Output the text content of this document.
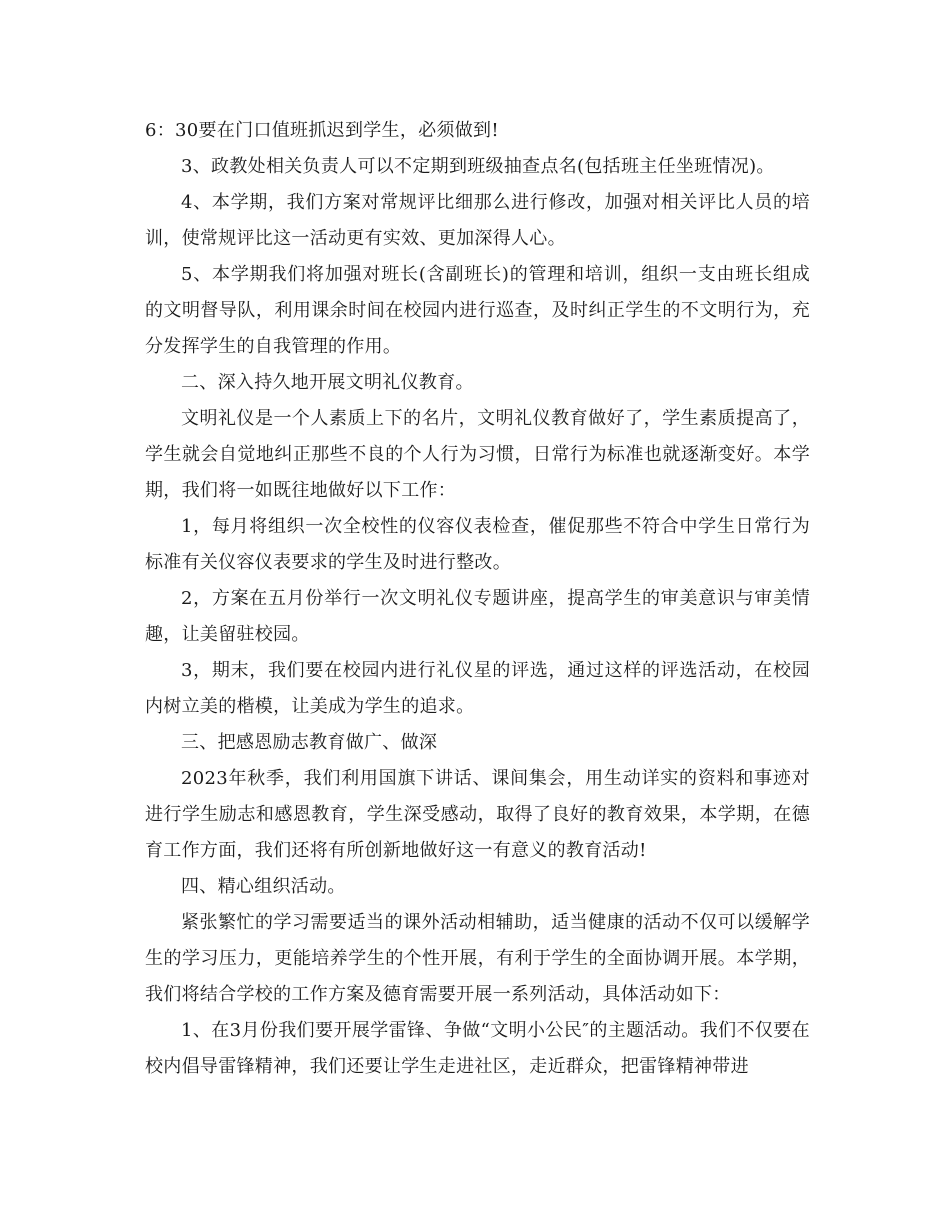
6：30要在门口值班抓迟到学生，必须做到!

3、政教处相关负责人可以不定期到班级抽查点名(包括班主任坐班情况)。

4、本学期，我们方案对常规评比细那么进行修改，加强对相关评比人员的培训，使常规评比这一活动更有实效、更加深得人心。

5、本学期我们将加强对班长(含副班长)的管理和培训，组织一支由班长组成的文明督导队，利用课余时间在校园内进行巡查，及时纠正学生的不文明行为，充分发挥学生的自我管理的作用。

二、深入持久地开展文明礼仪教育。

文明礼仪是一个人素质上下的名片，文明礼仪教育做好了，学生素质提高了，学生就会自觉地纠正那些不良的个人行为习惯，日常行为标准也就逐渐变好。本学期，我们将一如既往地做好以下工作：

1，每月将组织一次全校性的仪容仪表检查，催促那些不符合中学生日常行为标准有关仪容仪表要求的学生及时进行整改。

2，方案在五月份举行一次文明礼仪专题讲座，提高学生的审美意识与审美情趣，让美留驻校园。

3，期末，我们要在校园内进行礼仪星的评选，通过这样的评选活动，在校园内树立美的楷模，让美成为学生的追求。

三、把感恩励志教育做广、做深

2023年秋季，我们利用国旗下讲话、课间集会，用生动详实的资料和事迹对进行学生励志和感恩教育，学生深受感动，取得了良好的教育效果，本学期，在德育工作方面，我们还将有所创新地做好这一有意义的教育活动!

四、精心组织活动。

紧张繁忙的学习需要适当的课外活动相辅助，适当健康的活动不仅可以缓解学生的学习压力，更能培养学生的个性开展，有利于学生的全面协调开展。本学期，我们将结合学校的工作方案及德育需要开展一系列活动，具体活动如下：

1、在3月份我们要开展学雷锋、争做“文明小公民″的主题活动。我们不仅要在校内倡导雷锋精神，我们还要让学生走进社区，走近群众，把雷锋精神带进
